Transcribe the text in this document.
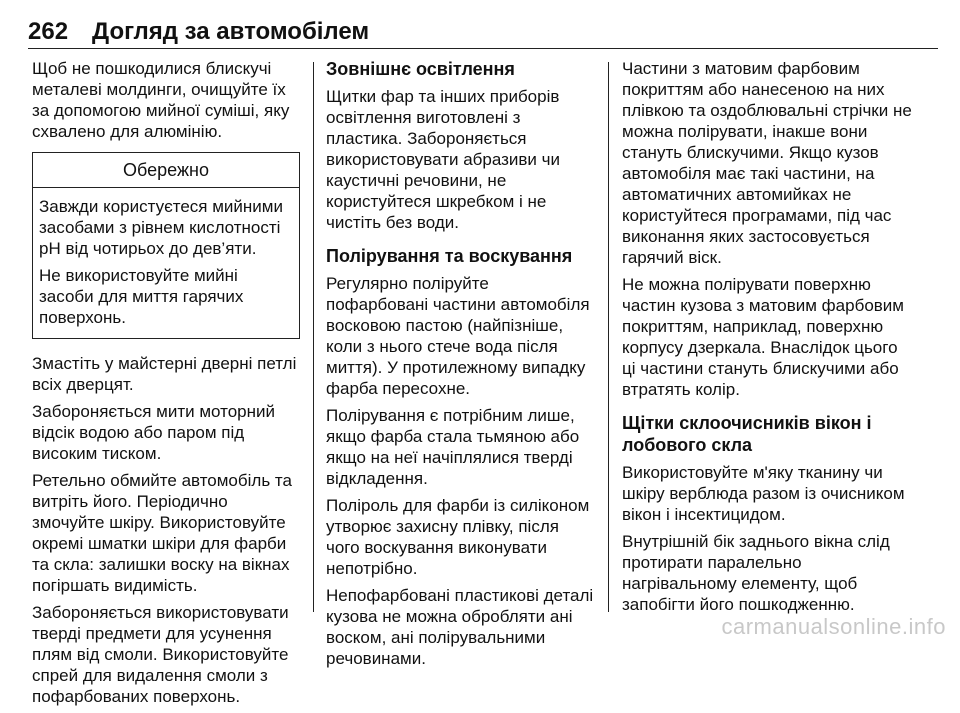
262 Догляд за автомобілем

Щоб не пошкодилися блискучі металеві молдинги, очищуйте їх за допомогою мийної суміші, яку схвалено для алюмінію.

Обережно

Завжди користуєтеся мийними засобами з рівнем кислотності pH від чотирьох до дев’яти.

Не використовуйте мийні засоби для миття гарячих поверхонь.

Змастіть у майстерні дверні петлі всіх дверцят.

Забороняється мити моторний відсік водою або паром під високим тиском.

Ретельно обмийте автомобіль та витріть його. Періодично змочуйте шкіру. Використовуйте окремі шматки шкіри для фарби та скла: залишки воску на вікнах погіршать видимість.

Забороняється використовувати тверді предмети для усунення плям від смоли. Використовуйте спрей для видалення смоли з пофарбованих поверхонь.

Зовнішнє освітлення

Щитки фар та інших приборів освітлення виготовлені з пластика. Забороняється використовувати абразиви чи каустичні речовини, не користуйтеся шкребком і не чистіть без води.

Полірування та воскування

Регулярно поліруйте пофарбовані частини автомобіля восковою пастою (найпізніше, коли з нього стече вода після миття). У протилежному випадку фарба пересохне.

Полірування є потрібним лише, якщо фарба стала тьмяною або якщо на неї начіплялися тверді відкладення.

Поліроль для фарби із силіконом утворює захисну плівку, після чого воскування виконувати непотрібно.

Непофарбовані пластикові деталі кузова не можна обробляти ані воском, ані полірувальними речовинами.

Частини з матовим фарбовим покриттям або нанесеною на них плівкою та оздоблювальні стрічки не можна полірувати, інакше вони стануть блискучими. Якщо кузов автомобіля має такі частини, на автоматичних автомийках не користуйтеся програмами, під час виконання яких застосовується гарячий віск.

Не можна полірувати поверхню частин кузова з матовим фарбовим покриттям, наприклад, поверхню корпусу дзеркала. Внаслідок цього ці частини стануть блискучими або втратять колір.

Щітки склоочисників вікон і лобового скла

Використовуйте м'яку тканину чи шкіру верблюда разом із очисником вікон і інсектицидом.

Внутрішній бік заднього вікна слід протирати паралельно нагрівальному елементу, щоб запобігти його пошкодженню.

carmanualsonline.info
